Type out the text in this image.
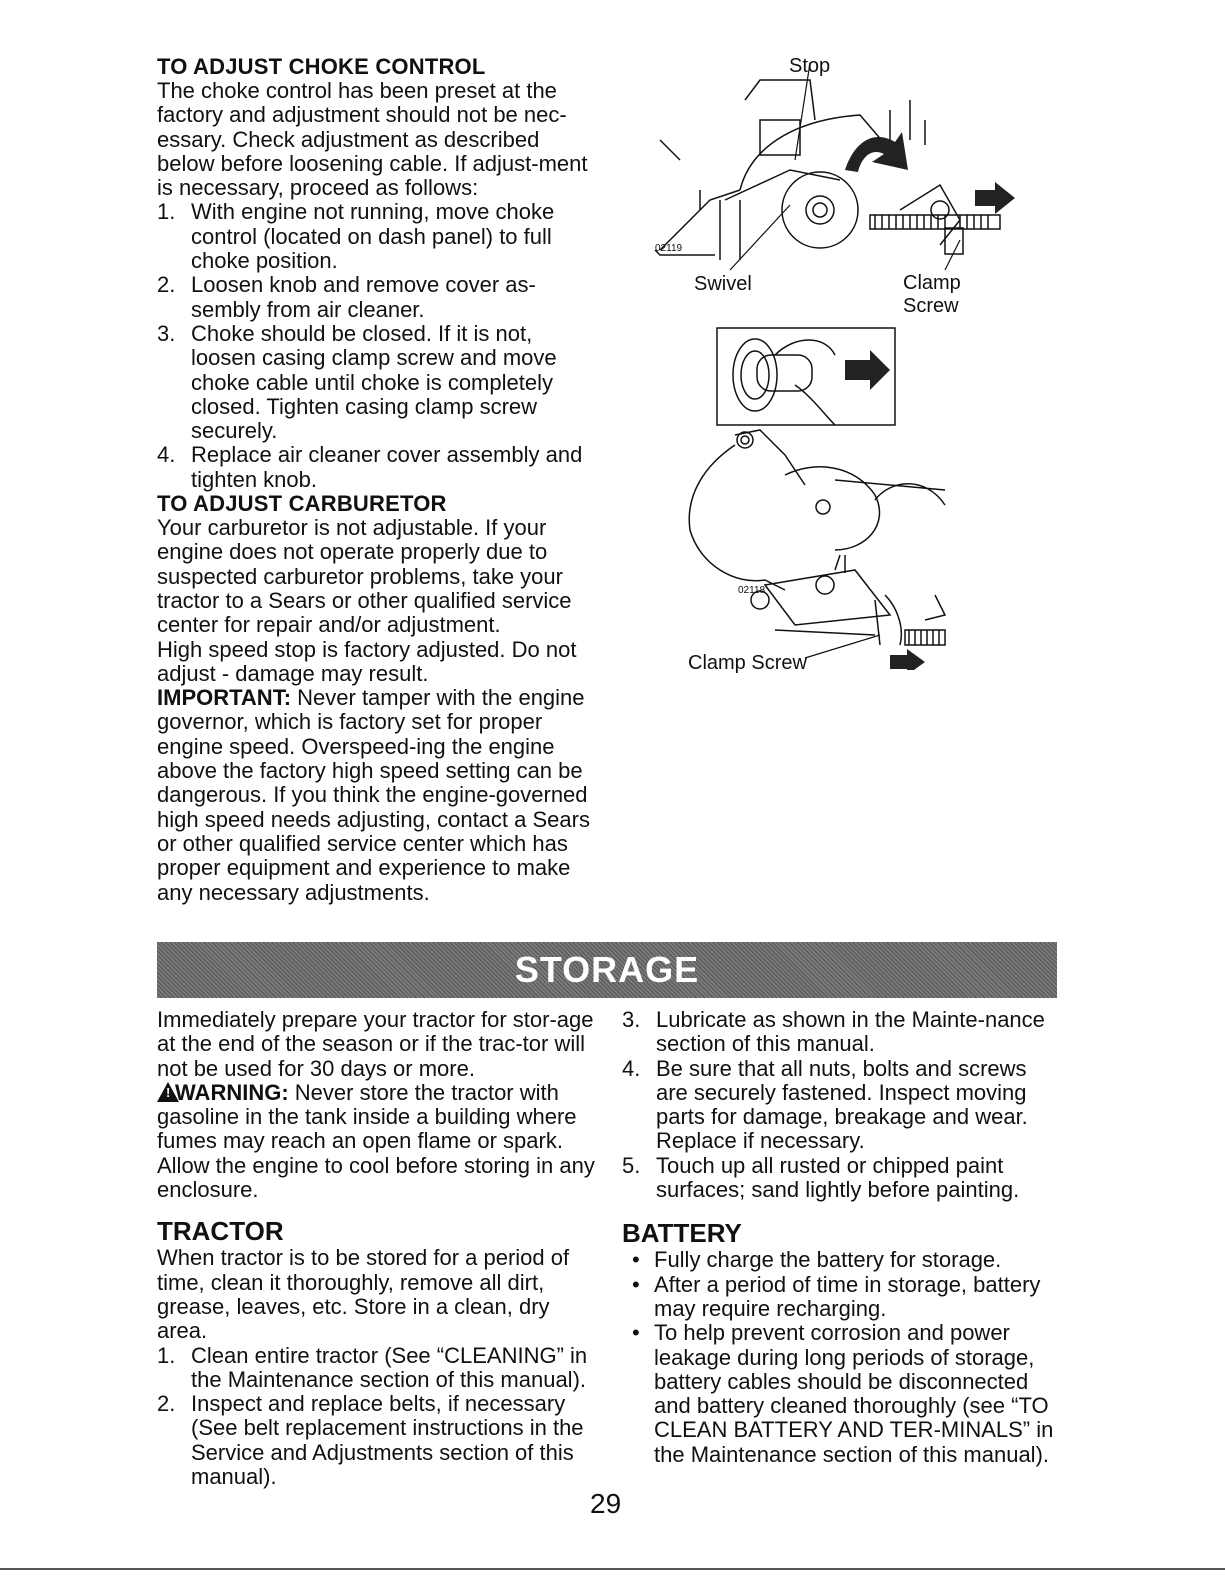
TO ADJUST CHOKE CONTROL

The choke control has been preset at the factory and adjustment should not be nec-essary. Check adjustment as described below before loosening cable. If adjust-ment is necessary, proceed as follows:

1. With engine not running, move choke control (located on dash panel) to full choke position.
2. Loosen knob and remove cover as-sembly from air cleaner.
3. Choke should be closed. If it is not, loosen casing clamp screw and move choke cable until choke is completely closed. Tighten casing clamp screw securely.
4. Replace air cleaner cover assembly and tighten knob.
TO ADJUST CARBURETOR

Your carburetor is not adjustable. If your engine does not operate properly due to suspected carburetor problems, take your tractor to a Sears or other qualified service center for repair and/or adjustment.

High speed stop is factory adjusted. Do not adjust - damage may result.

IMPORTANT: Never tamper with the engine governor, which is factory set for proper engine speed. Overspeed-ing the engine above the factory high speed setting can be dangerous. If you think the engine-governed high speed needs adjusting, contact a Sears or other qualified service center which has proper equipment and experience to make any necessary adjustments.

Stop
02119
Swivel	Clamp
Screw
02118
Clamp Screw
STORAGE

Immediately prepare your tractor for stor-age at the end of the season or if the trac-tor will not be used for 30 days or more.

! WARNING: Never store the tractor with gasoline in the tank inside a building where fumes may reach an open flame or spark. Allow the engine to cool before storing in any enclosure.

TRACTOR

When tractor is to be stored for a period of time, clean it thoroughly, remove all dirt, grease, leaves, etc. Store in a clean, dry area.

1. Clean entire tractor (See “CLEANING” in the Maintenance section of this manual).
2. Inspect and replace belts, if necessary (See belt replacement instructions in the Service and Adjustments section of this manual).
3. Lubricate as shown in the Mainte-nance section of this manual.
4. Be sure that all nuts, bolts and screws are securely fastened. Inspect moving parts for damage, breakage and wear. Replace if necessary.
5. Touch up all rusted or chipped paint surfaces; sand lightly before painting.
BATTERY
• Fully charge the battery for storage.
• After a period of time in storage, battery may require recharging.
• To help prevent corrosion and power leakage during long periods of storage, battery cables should be disconnected and battery cleaned thoroughly (see “TO CLEAN BATTERY AND TER-MINALS” in the Maintenance section of this manual).
29
